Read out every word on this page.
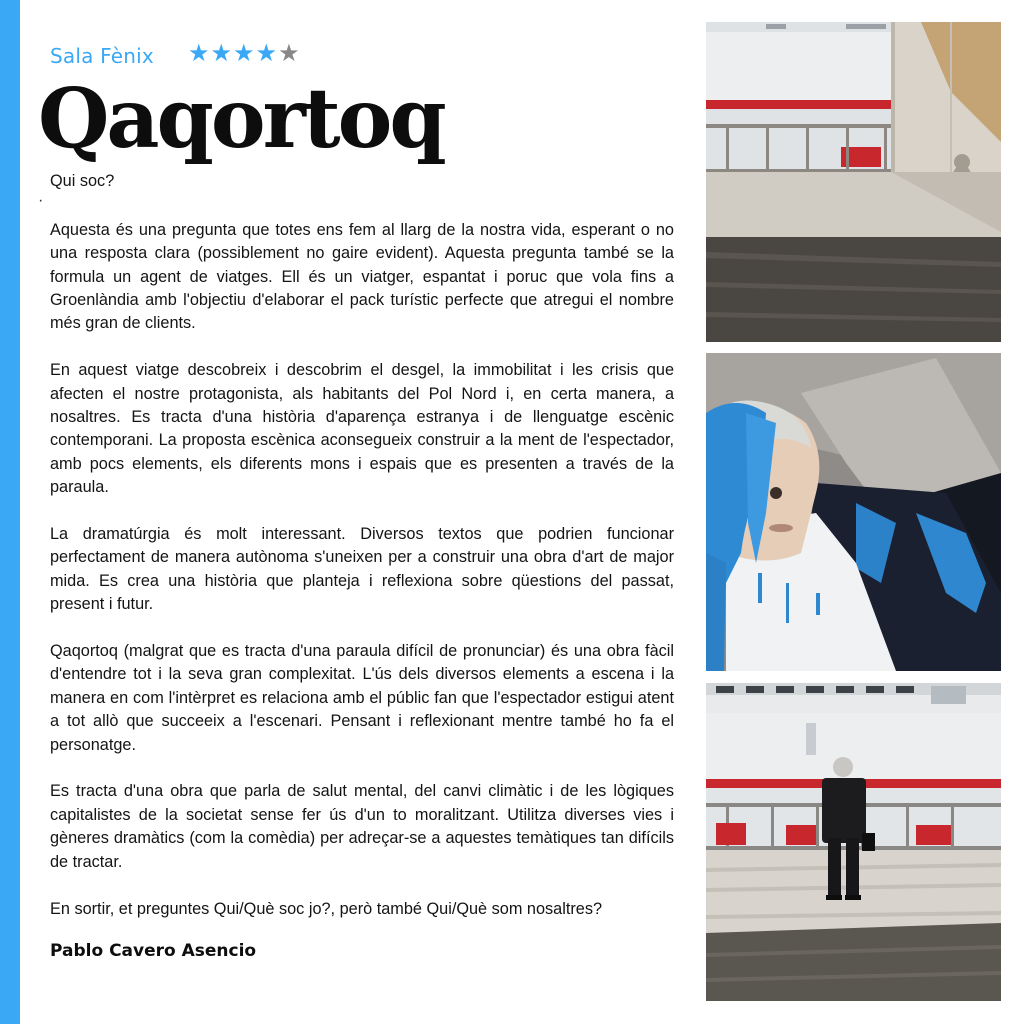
Sala Fènix ★★★★★
Qaqortoq

Qui soc?

·

Aquesta és una pregunta que totes ens fem al llarg de la nostra vida, esperant o no una resposta clara (possiblement no gaire evident). Aquesta pregunta també se la formula un agent de viatges. Ell és un viatger, espantat i poruc que vola fins a Groenlàndia amb l'objectiu d'elaborar el pack turístic perfecte que atregui el nombre més gran de clients.

En aquest viatge descobreix i descobrim el desgel, la immobilitat i les crisis que afecten el nostre protagonista, als habitants del Pol Nord i, en certa manera, a nosaltres. Es tracta d'una història d'aparença estranya i de llenguatge escènic contemporani. La proposta escènica aconsegueix construir a la ment de l'espectador, amb pocs elements, els diferents mons i espais que es presenten a través de la paraula.

La dramatúrgia és molt interessant. Diversos textos que podrien funcionar perfectament de manera autònoma s'uneixen per a construir una obra d'art de major mida. Es crea una història que planteja i reflexiona sobre qüestions del passat, present i futur.

Qaqortoq (malgrat que es tracta d'una paraula difícil de pronunciar) és una obra fàcil d'entendre tot i la seva gran complexitat. L'ús dels diversos elements a escena i la manera en com l'intèrpret es relaciona amb el públic fan que l'espectador estigui atent a tot allò que succeeix a l'escenari. Pensant i reflexionant mentre també ho fa el personatge.

Es tracta d'una obra que parla de salut mental, del canvi climàtic i de les lògiques capitalistes de la societat sense fer ús d'un to moralitzant. Utilitza diverses vies i gèneres dramàtics (com la comèdia) per adreçar-se a aquestes temàtiques tan difícils de tractar.

En sortir, et preguntes Qui/Què soc jo?, però també Qui/Què som nosaltres?

Pablo Cavero Asencio
